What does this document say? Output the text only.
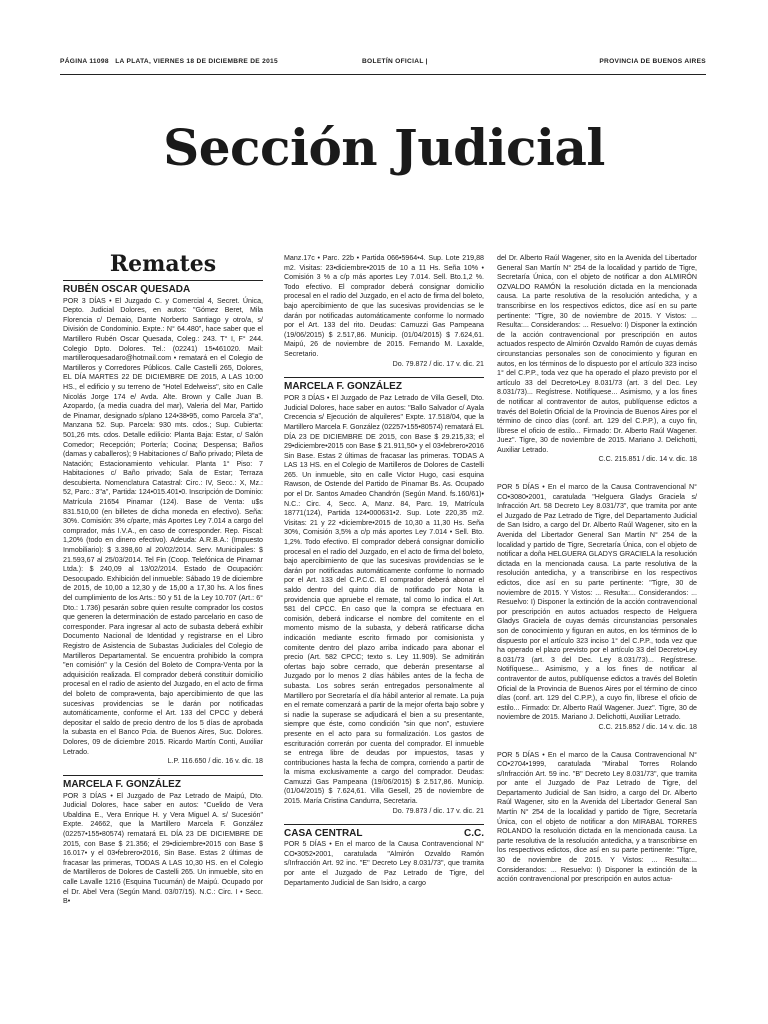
PÁGINA 11098 LA PLATA, VIERNES 18 DE DICIEMBRE DE 2015	BOLETÍN OFICIAL |	PROVINCIA DE BUENOS AIRES
Sección Judicial
Remates
RUBÉN OSCAR QUESADA

POR 3 DÍAS • El Juzgado C. y Comercial 4, Secret. Única, Depto. Judicial Dolores, en autos: "Gómez Beret, Mila Florencia c/ Demaio, Dante Norberto Santiago y otro/a, s/ División de Condominio. Expte.: N° 64.480", hace saber que el Martillero Rubén Oscar Quesada, Coleg.: 243. T° I, F° 244. Colegio Dpto. Dolores. Tel.: (02241) 15•461020. Mail: martilleroquesadaro@hotmail.com • rematará en el Colegio de Martilleros y Corredores Públicos. Calle Castelli 265, Dolores, EL DÍA MARTES 22 DE DICIEMBRE DE 2015, A LAS 10:00 HS., el edificio y su terreno de "Hotel Edelweiss", sito en Calle Nicolás Jorge 174 e/ Avda. Alte. Brown y Calle Juan B. Azopardo, (a media cuadra del mar), Valeria del Mar, Partido de Pinamar, designado s/plano 124•38•95, como Parcela 3"a", Manzana 52. Sup. Parcela: 930 mts. cdos.; Sup. Cubierta: 501,26 mts. cdos. Detalle edilicio: Planta Baja: Estar, c/ Salón Comedor; Recepción; Portería; Cocina; Despensa; Baños (damas y caballeros); 9 Habitaciones c/ Baño privado; Pileta de Natación; Estacionamiento vehicular. Planta 1° Piso: 7 Habitaciones c/ Baño privado; Sala de Estar; Terraza descubierta. Nomenclatura Catastral: Circ.: IV, Secc.: X, Mz.: 52, Parc.: 3"a", Partida: 124•015.401•0. Inscripción de Dominio: Matrícula 21654 Pinamar (124). Base de Venta: u$s 831.510,00 (en billetes de dicha moneda en efectivo). Seña: 30%. Comisión: 3% c/parte, más Aportes Ley 7.014 a cargo del comprador, más I.V.A., en caso de corresponder. Rep. Fiscal: 1,20% (todo en dinero efectivo). Adeuda: A.R.B.A.: (Impuesto Inmobiliario): $ 3.398,60 al 20/02/2014. Serv. Municipales: $ 21.593,67 al 25/03/2014. Tel Fin (Coop. Telefónica de Pinamar Ltda.): $ 240,09 al 13/02/2014. Estado de Ocupación: Desocupado. Exhibición del inmueble: Sábado 19 de diciembre de 2015, de 10,00 a 12,30 y de 15,00 a 17,30 hs. A los fines del cumplimiento de los Arts.: 50 y 51 de la Ley 10.707 (Art.: 6° Dto.: 1.736) pesarán sobre quien resulte comprador los costos que generen la determinación de estado parcelario en caso de corresponder. Para ingresar al acto de subasta deberá exhibir Documento Nacional de Identidad y registrarse en el Libro Registro de Asistencia de Subastas Judiciales del Colegio de Martilleros Departamental. Se encuentra prohibido la compra "en comisión" y la Cesión del Boleto de Compra-Venta por la adquisición realizada. El comprador deberá constituir domicilio procesal en el radio de asiento del Juzgado, en el acto de firma del boleto de compra•venta, bajo apercibimiento de que las sucesivas providencias se le darán por notificadas automáticamente, conforme el Art. 133 del CPCC y deberá depositar el saldo de precio dentro de los 5 días de aprobada la subasta en el Banco Pcia. de Buenos Aires, Suc. Dolores. Dolores, 09 de diciembre 2015. Ricardo Martín Conti, Auxiliar Letrado.

L.P. 116.650 / dic. 16 v. dic. 18

MARCELA F. GONZÁLEZ

POR 3 DÍAS • El Juzgado de Paz Letrado de Maipú, Dto. Judicial Dolores, hace saber en autos: "Cuelido de Vera Ubaldina E., Vera Enrique H. y Vera Miguel A. s/ Sucesión" Expte. 24662, que la Martillero Marcela F. González (02257•155•80574) rematará EL DÍA 23 DE DICIEMBRE DE 2015, con Base $ 21.356; el 29•diciembre•2015 con Base $ 16.017• y el 03•febrero•2016, Sin Base. Estas 2 últimas de fracasar las primeras, TODAS A LAS 10,30 HS. en el Colegio de Martilleros de Dolores de Castelli 265. Un inmueble, sito en calle Lavalle 1216 (Esquina Tucumán) de Maipú. Ocupado por el Dr. Abel Vera (Según Mand. 03/07/15). N.C.: Circ. I • Secc. B•

Manz.17c • Parc. 22b • Partida 066•5964•4. Sup. Lote 219,88 m2. Visitas: 23•diciembre•2015 de 10 a 11 Hs. Seña 10% • Comisión 3 % a c/p más aportes Ley 7.014. Sell. Bto.1,2 %. Todo efectivo. El comprador deberá consignar domicilio procesal en el radio del Juzgado, en el acto de firma del boleto, bajo apercibimiento de que las sucesivas providencias se le darán por notificadas automáticamente conforme lo normado por el Art. 133 del rito. Deudas: Camuzzi Gas Pampeana (19/06/2015) $ 2.517,86. Municip. (01/04/2015) $ 7.624,61. Maipú, 26 de noviembre de 2015. Fernando M. Laxalde, Secretario.

Do. 79.872 / dic. 17 v. dic. 21

MARCELA F. GONZÁLEZ

POR 3 DÍAS • El Juzgado de Paz Letrado de Villa Gesell, Dto. Judicial Dolores, hace saber en autos: "Ballo Salvador c/ Ayala Crecencia s/ Ejecución de alquileres" Expte. 17.518/04, que la Martillero Marcela F. González (02257•155•80574) rematará EL DÍA 23 DE DICIEMBRE DE 2015, con Base $ 29.215,33; el 29•diciembre•2015 con Base $ 21.911,50• y el 03•febrero•2016 Sin Base. Estas 2 últimas de fracasar las primeras. TODAS A LAS 13 HS. en el Colegio de Martilleros de Dolores de Castelli 265. Un inmueble, sito en calle Victor Hugo, casi esquina Rawson, de Ostende del Partido de Pinamar Bs. As. Ocupado por el Dr. Santos Amadeo Chandrón (Según Mand. fs.160/61)• N.C.: Circ. 4, Secc. A, Manz. 84, Parc. 19, Matrícula 18771(124), Partida 124•000631•2. Sup. Lote 220,35 m2. Visitas: 21 y 22 •diciembre•2015 de 10,30 a 11,30 Hs. Seña 30%, Comisión 3,5% a c/p más aportes Ley 7.014 • Sell. Bto. 1,2%. Todo efectivo. El comprador deberá consignar domicilio procesal en el radio del Juzgado, en el acto de firma del boleto, bajo apercibimiento de que las sucesivas providencias se le darán por notificadas automáticamente conforme lo normado por el Art. 133 del C.P.C.C. El comprador deberá abonar el saldo dentro del quinto día de notificado por Nota la providencia que apruebe el remate, tal como lo indica el Art. 581 del CPCC. En caso que la compra se efectuara en comisión, deberá indicarse el nombre del comitente en el momento mismo de la subasta, y deberá ratificarse dicha indicación mediante escrito firmado por comisionista y comitente dentro del plazo arriba indicado para abonar el precio (Art. 582 CPCC; texto s. Ley 11.909). Se admitirán ofertas bajo sobre cerrado, que deberán presentarse al Juzgado por lo menos 2 días hábiles antes de la fecha de subasta. Los sobres serán entregados personalmente al Martillero por Secretaría el día hábil anterior al remate. La puja en el remate comenzará a partir de la mejor oferta bajo sobre y si nadie la superase se adjudicará el bien a su presentante, siempre que éste, como condición "sin que non", estuviere presente en el acto para su formalización. Los gastos de escrituración correrán por cuenta del comprador. El inmueble se entrega libre de deudas por impuestos, tasas y contribuciones hasta la fecha de compra, corriendo a partir de la misma exclusivamente a cargo del comprador. Deudas: Camuzzi Gas Pampeana (19/06/2015) $ 2.517,86. Municip. (01/04/2015) $ 7.624,61. Villa Gesell, 25 de noviembre de 2015. María Cristina Candurra, Secretaria.

Do. 79.873 / dic. 17 v. dic. 21

CASA CENTRAL	C.C.

POR 5 DÍAS • En el marco de la Causa Contravencional N° CO•3052•2001, caratulada "Almirón Ozvaldo Ramón s/Infracción Art. 92 inc. "E" Decreto Ley 8.031/73", que tramita por ante el Juzgado de Paz Letrado de Tigre, del Departamento Judicial de San Isidro, a cargo

del Dr. Alberto Raúl Wagener, sito en la Avenida del Libertador General San Martín N° 254 de la localidad y partido de Tigre, Secretaría Única, con el objeto de notificar a don ALMIRÓN OZVALDO RAMÓN la resolución dictada en la mencionada causa. La parte resolutiva de la resolución antedicha, y a transcribirse en los respectivos edictos, dice así en su parte pertinente: "Tigre, 30 de noviembre de 2015. Y Vistos: ... Resulta:... Considerandos: ... Resuelvo: I) Disponer la extinción de la acción contravencional por prescripción en autos actuados respecto de Almirón Ozvaldo Ramón de cuyas demás circunstancias personales son de conocimiento y figuran en autos, en los términos de lo dispuesto por el artículo 323 inciso 1° del C.P.P., toda vez que ha operado el plazo previsto por el artículo 33 del Decreto•Ley 8.031/73 (art. 3 del Dec. Ley 8.031/73)... Regístrese. Notifíquese... Asimismo, y a los fines de notificar al contraventor de autos, publíquense edictos a través del Boletín Oficial de la Provincia de Buenos Aires por el término de cinco días (conf. art. 129 del C.P.P.), a cuyo fin, líbrese el oficio de estilo... Firmado: Dr. Alberto Raúl Wagener. Juez". Tigre, 30 de noviembre de 2015. Mariano J. Delichotti, Auxiliar Letrado.

C.C. 215.851 / dic. 14 v. dic. 18

POR 5 DÍAS • En el marco de la Causa Contravencional N° CO•3080•2001, caratulada "Helguera Gladys Graciela s/ Infracción Art. 58 Decreto Ley 8.031/73", que tramita por ante el Juzgado de Paz Letrado de Tigre, del Departamento Judicial de San Isidro, a cargo del Dr. Alberto Raúl Wagener, sito en la Avenida del Libertador General San Martín N° 254 de la localidad y partido de Tigre, Secretaría Única, con el objeto de notificar a doña HELGUERA GLADYS GRACIELA la resolución dictada en la mencionada causa. La parte resolutiva de la resolución antedicha, y a transcribirse en los respectivos edictos, dice así en su parte pertinente: "Tigre, 30 de noviembre de 2015. Y Vistos: ... Resulta:... Considerandos: ... Resuelvo: I) Disponer la extinción de la acción contravencional por prescripción en autos actuados respecto de Helguera Gladys Graciela de cuyas demás circunstancias personales son de conocimiento y figuran en autos, en los términos de lo dispuesto por el artículo 323 inciso 1° del C.P.P., toda vez que ha operado el plazo previsto por el artículo 33 del Decreto•Ley 8.031/73 (art. 3 del Dec. Ley 8.031/73)... Regístrese. Notifíquese... Asimismo, y a los fines de notificar al contraventor de autos, publíquense edictos a través del Boletín Oficial de la Provincia de Buenos Aires por el término de cinco días (conf. art. 129 del C.P.P.), a cuyo fin, líbrese el oficio de estilo... Firmado: Dr. Alberto Raúl Wagener. Juez". Tigre, 30 de noviembre de 2015. Mariano J. Delichotti, Auxiliar Letrado.

C.C. 215.852 / dic. 14 v. dic. 18

POR 5 DÍAS • En el marco de la Causa Contravencional N° CO•2704•1999, caratulada "Mirabal Torres Rolando s/Infracción Art. 59 inc. "B" Decreto Ley 8.031/73", que tramita por ante el Juzgado de Paz Letrado de Tigre, del Departamento Judicial de San Isidro, a cargo del Dr. Alberto Raúl Wagener, sito en la Avenida del Libertador General San Martín N° 254 de la localidad y partido de Tigre, Secretaría Única, con el objeto de notificar a don MIRABAL TORRES ROLANDO la resolución dictada en la mencionada causa. La parte resolutiva de la resolución antedicha, y a transcribirse en los respectivos edictos, dice así en su parte pertinente: "Tigre, 30 de noviembre de 2015. Y Vistos: ... Resulta:... Considerandos: ... Resuelvo: I) Disponer la extinción de la acción contravencional por prescripción en autos actua-
